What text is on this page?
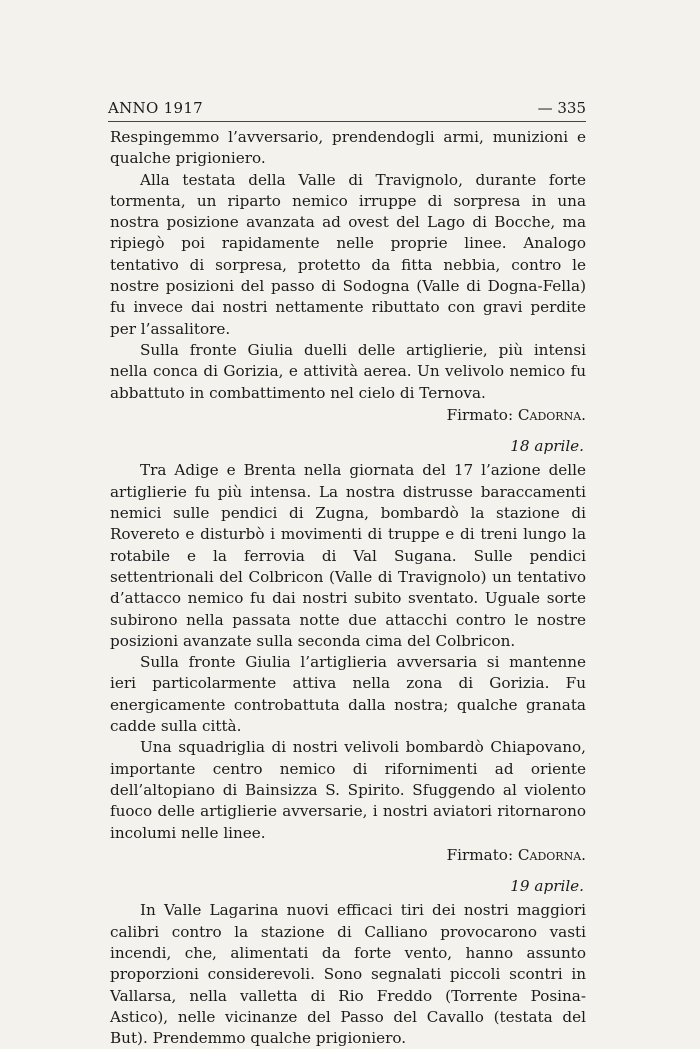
ANNO 1917	— 335

Respingemmo l’avversario, prendendogli armi, munizioni e qualche prigioniero.

Alla testata della Valle di Travignolo, durante forte tormenta, un riparto nemico irruppe di sorpresa in una nostra posizione avanzata ad ovest del Lago di Bocche, ma ripiegò poi rapidamente nelle proprie linee. Analogo tentativo di sorpresa, protetto da fitta nebbia, contro le nostre posizioni del passo di Sodogna (Valle di Dogna-Fella) fu invece dai nostri nettamente ributtato con gravi perdite per l’assalitore.

Sulla fronte Giulia duelli delle artiglierie, più intensi nella conca di Gorizia, e attività aerea. Un velivolo nemico fu abbattuto in combattimento nel cielo di Ternova.

Firmato: Cadorna.
18 aprile.

Tra Adige e Brenta nella giornata del 17 l’azione delle artiglierie fu più intensa. La nostra distrusse baraccamenti nemici sulle pendici di Zugna, bombardò la stazione di Rovereto e disturbò i movimenti di truppe e di treni lungo la rotabile e la ferrovia di Val Sugana. Sulle pendici settentrionali del Colbricon (Valle di Travignolo) un tentativo d’attacco nemico fu dai nostri subito sventato. Uguale sorte subirono nella passata notte due attacchi contro le nostre posizioni avanzate sulla seconda cima del Colbricon.

Sulla fronte Giulia l’artiglieria avversaria si mantenne ieri particolarmente attiva nella zona di Gorizia. Fu energicamente controbattuta dalla nostra; qualche granata cadde sulla città.

Una squadriglia di nostri velivoli bombardò Chiapovano, importante centro nemico di rifornimenti ad oriente dell’altopiano di Bainsizza S. Spirito. Sfuggendo al violento fuoco delle artiglierie avversarie, i nostri aviatori ritornarono incolumi nelle linee.

Firmato: Cadorna.
19 aprile.

In Valle Lagarina nuovi efficaci tiri dei nostri maggiori calibri contro la stazione di Calliano provocarono vasti incendi, che, alimentati da forte vento, hanno assunto proporzioni considerevoli. Sono segnalati piccoli scontri in Vallarsa, nella valletta di Rio Freddo (Torrente Posina-Astico), nelle vicinanze del Passo del Cavallo (testata del But). Prendemmo qualche prigioniero.
